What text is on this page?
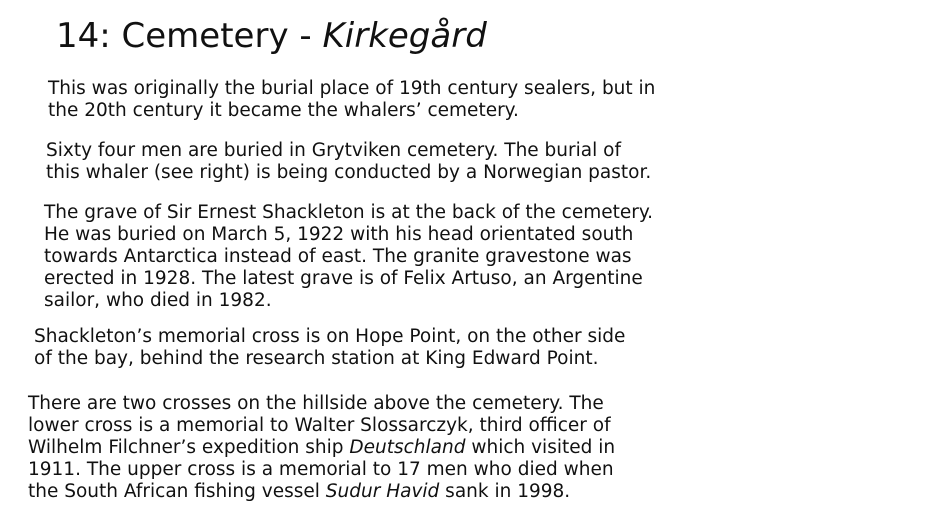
14: Cemetery - Kirkegård

This was originally the burial place of 19th century sealers, but in
the 20th century it became the whalers’ cemetery.

Sixty four men are buried in Grytviken cemetery. The burial of
this whaler (see right) is being conducted by a Norwegian pastor.

The grave of Sir Ernest Shackleton is at the back of the cemetery.
He was buried on March 5, 1922 with his head orientated south
towards Antarctica instead of east. The granite gravestone was
erected in 1928. The latest grave is of Felix Artuso, an Argentine
sailor, who died in 1982.

Shackleton’s memorial cross is on Hope Point, on the other side
of the bay, behind the research station at King Edward Point.

There are two crosses on the hillside above the cemetery. The
lower cross is a memorial to Walter Slossarczyk, third officer of
Wilhelm Filchner’s expedition ship Deutschland which visited in
1911. The upper cross is a memorial to 17 men who died when
the South African fishing vessel Sudur Havid sank in 1998.
